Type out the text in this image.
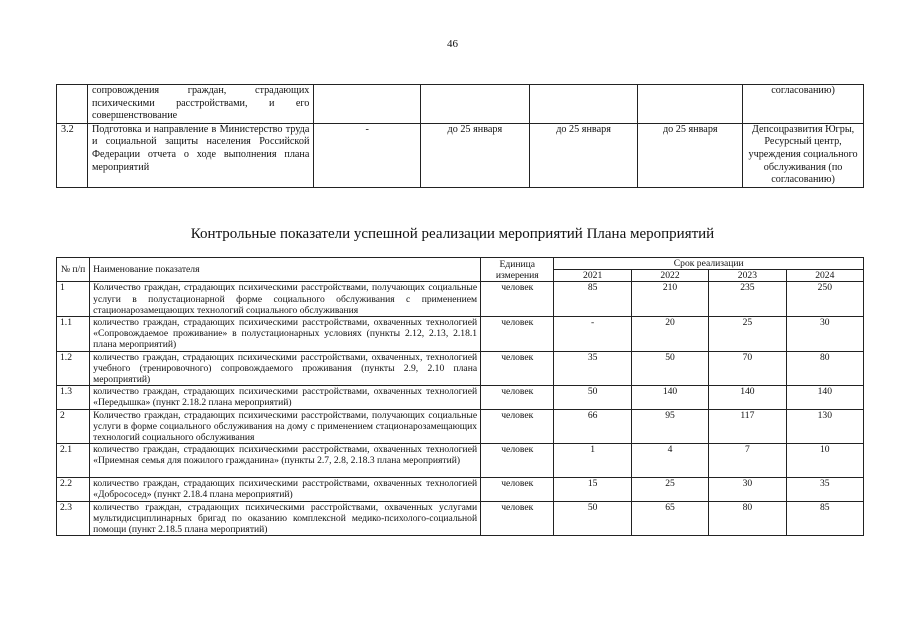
46
	сопровождения граждан, страдающих психическими расстройствами, и его совершенствование					согласованию)
3.2	Подготовка и направление в Министерство труда и социальной защиты населения Российской Федерации отчета о ходе выполнения плана мероприятий	-	до 25 января	до 25 января	до 25 января	Депсоцразвития Югры, Ресурсный центр, учреждения социального обслуживания (по согласованию)
Контрольные показатели успешной реализации мероприятий Плана мероприятий
№ п/п	Наименование показателя	Единица измерения	Срок реализации			
			2021	2022	2023	2024
1	Количество граждан, страдающих психическими расстройствами, получающих социальные услуги в полустационарной форме социального обслуживания с применением стационарозамещающих технологий социального обслуживания	человек	85	210	235	250
1.1	количество граждан, страдающих психическими расстройствами, охваченных технологией «Сопровождаемое проживание» в полустационарных условиях (пункты 2.12, 2.13, 2.18.1 плана мероприятий)	человек	-	20	25	30
1.2	количество граждан, страдающих психическими расстройствами, охваченных, технологией учебного (тренировочного) сопровождаемого проживания (пункты 2.9, 2.10 плана мероприятий)	человек	35	50	70	80
1.3	количество граждан, страдающих психическими расстройствами, охваченных технологией «Передышка» (пункт 2.18.2 плана мероприятий)	человек	50	140	140	140
2	Количество граждан, страдающих психическими расстройствами, получающих социальные услуги в форме социального обслуживания на дому с применением стационарозамещающих технологий социального обслуживания	человек	66	95	117	130
2.1	количество граждан, страдающих психическими расстройствами, охваченных технологией «Приемная семья для пожилого гражданина» (пункты 2.7, 2.8, 2.18.3 плана мероприятий)	человек	1	4	7	10
2.2	количество граждан, страдающих психическими расстройствами, охваченных технологией «Добрососед» (пункт 2.18.4 плана мероприятий)	человек	15	25	30	35
2.3	количество граждан, страдающих психическими расстройствами, охваченных услугами мультидисциплинарных бригад по оказанию комплексной медико-психолого-социальной помощи (пункт 2.18.5 плана мероприятий)	человек	50	65	80	85
